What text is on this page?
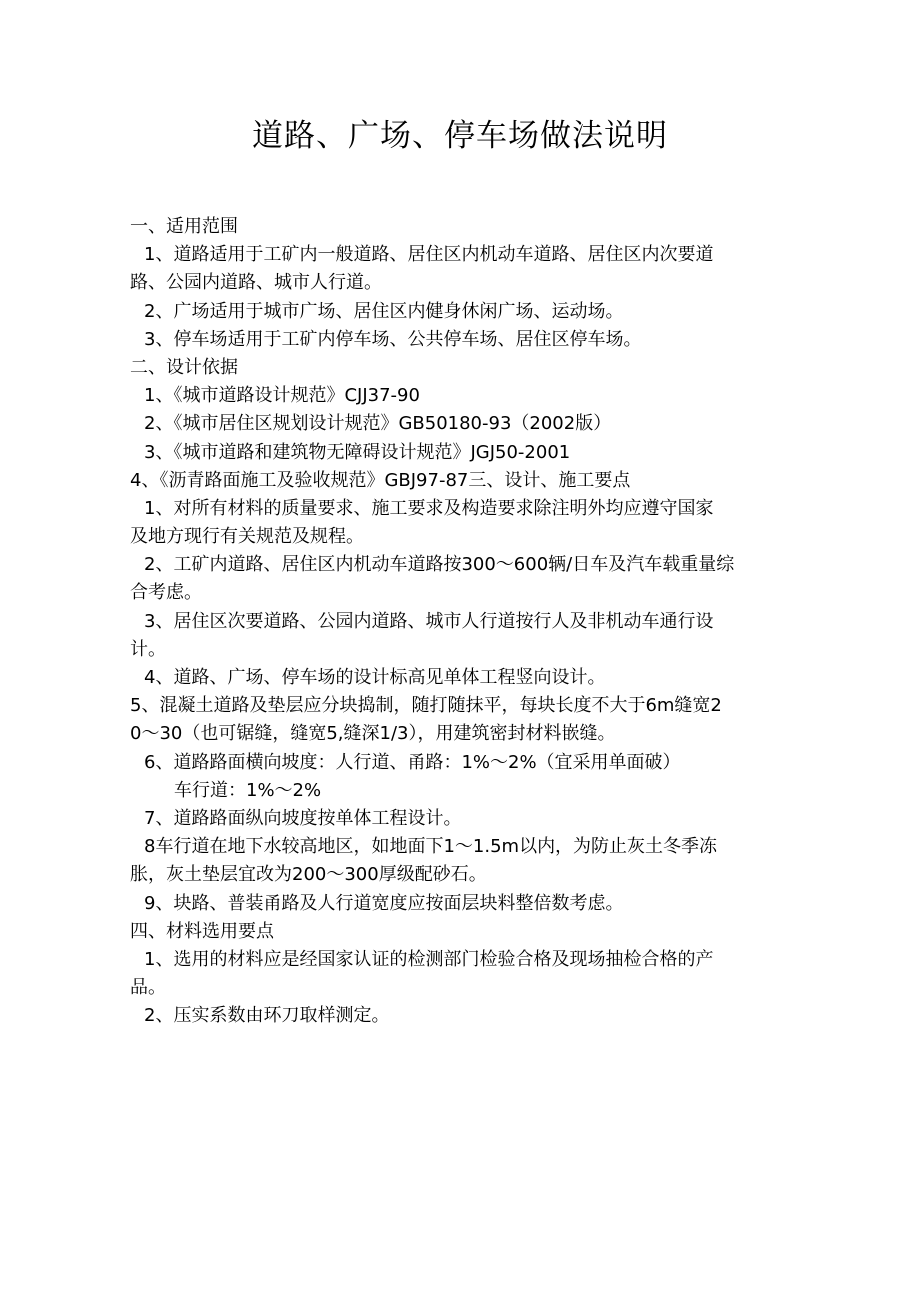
道路、广场、停车场做法说明
一、适用范围
1、道路适用于工矿内一般道路、居住区内机动车道路、居住区内次要道
路、公园内道路、城市人行道。
2、广场适用于城市广场、居住区内健身休闲广场、运动场。
3、停车场适用于工矿内停车场、公共停车场、居住区停车场。
二、设计依据
1、《城市道路设计规范》CJJ37-90
2、《城市居住区规划设计规范》GB50180-93（2002版）
3、《城市道路和建筑物无障碍设计规范》JGJ50-2001
4、《沥青路面施工及验收规范》GBJ97-87三、设计、施工要点
1、对所有材料的质量要求、施工要求及构造要求除注明外均应遵守国家
及地方现行有关规范及规程。
2、工矿内道路、居住区内机动车道路按300〜600辆/日车及汽车载重量综
合考虑。
3、居住区次要道路、公园内道路、城市人行道按行人及非机动车通行设
计。
4、道路、广场、停车场的设计标高见单体工程竖向设计。
5、混凝土道路及垫层应分块捣制，随打随抹平，每块长度不大于6m缝宽2
0〜30（也可锯缝，缝宽5,缝深1/3），用建筑密封材料嵌缝。
6、道路路面横向坡度：人行道、甬路：1%〜2%（宜采用单面破）
车行道：1%〜2%
7、道路路面纵向坡度按单体工程设计。
8车行道在地下水较高地区，如地面下1〜1.5m以内，为防止灰土冬季冻
胀，灰土垫层宜改为200〜300厚级配砂石。
9、块路、普装甬路及人行道宽度应按面层块料整倍数考虑。
四、材料选用要点
1、选用的材料应是经国家认证的检测部门检验合格及现场抽检合格的产
品。
2、压实系数由环刀取样测定。
